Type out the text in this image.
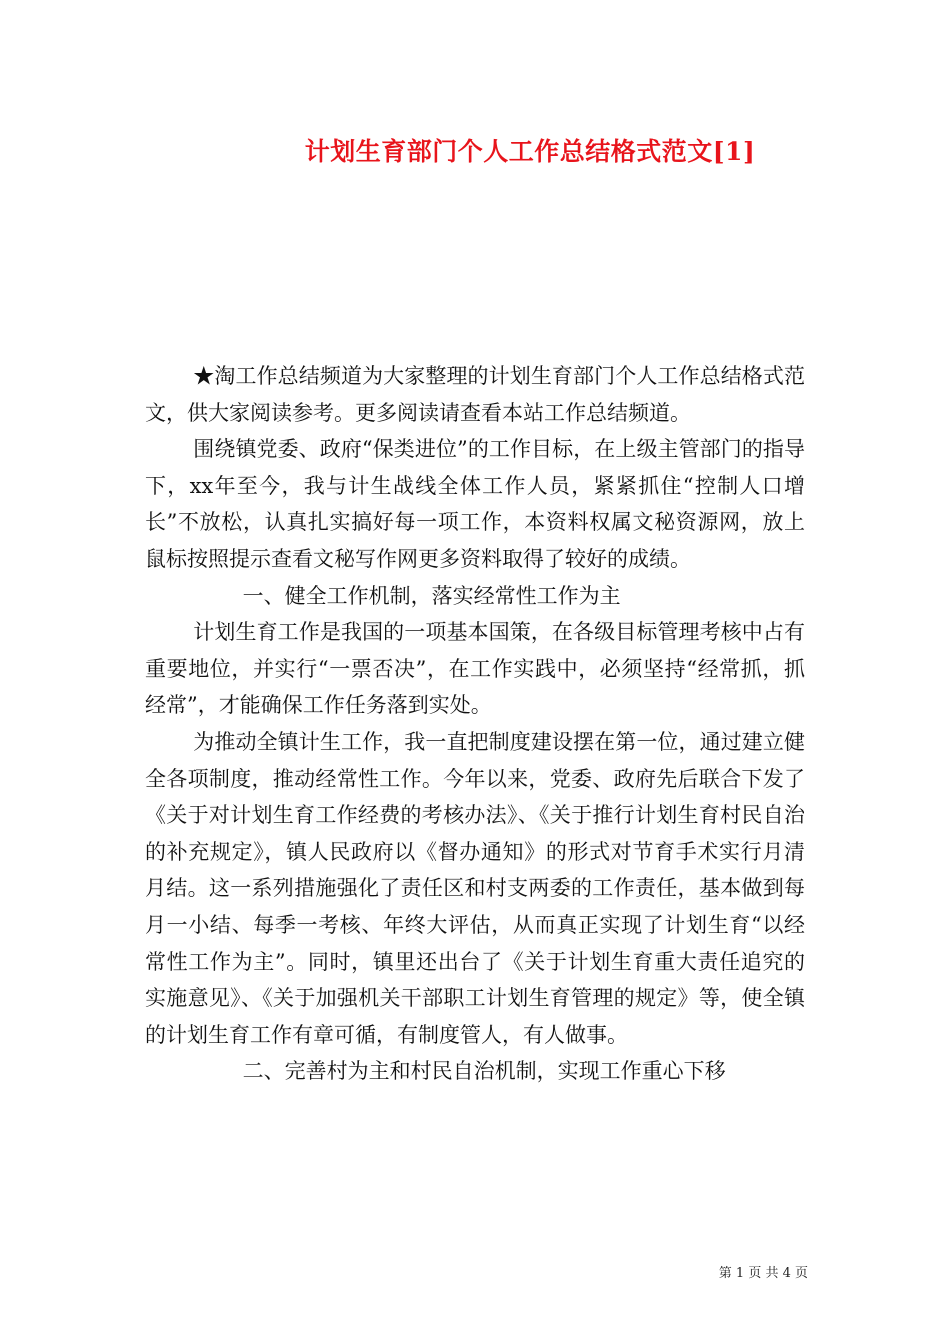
计划生育部门个人工作总结格式范文[1]

★淘工作总结频道为大家整理的计划生育部门个人工作总结格式范文，供大家阅读参考。更多阅读请查看本站工作总结频道。

围绕镇党委、政府“保类进位”的工作目标，在上级主管部门的指导下，xx年至今，我与计生战线全体工作人员，紧紧抓住“控制人口增长”不放松，认真扎实搞好每一项工作，本资料权属文秘资源网，放上鼠标按照提示查看文秘写作网更多资料取得了较好的成绩。

一、健全工作机制，落实经常性工作为主

计划生育工作是我国的一项基本国策，在各级目标管理考核中占有重要地位，并实行“一票否决”，在工作实践中，必须坚持“经常抓，抓经常”，才能确保工作任务落到实处。

为推动全镇计生工作，我一直把制度建设摆在第一位，通过建立健全各项制度，推动经常性工作。今年以来，党委、政府先后联合下发了《关于对计划生育工作经费的考核办法》、《关于推行计划生育村民自治的补充规定》，镇人民政府以《督办通知》的形式对节育手术实行月清月结。这一系列措施强化了责任区和村支两委的工作责任，基本做到每月一小结、每季一考核、年终大评估，从而真正实现了计划生育“以经常性工作为主”。同时，镇里还出台了《关于计划生育重大责任追究的实施意见》、《关于加强机关干部职工计划生育管理的规定》等，使全镇的计划生育工作有章可循，有制度管人，有人做事。

二、完善村为主和村民自治机制，实现工作重心下移

第 1 页 共 4 页
